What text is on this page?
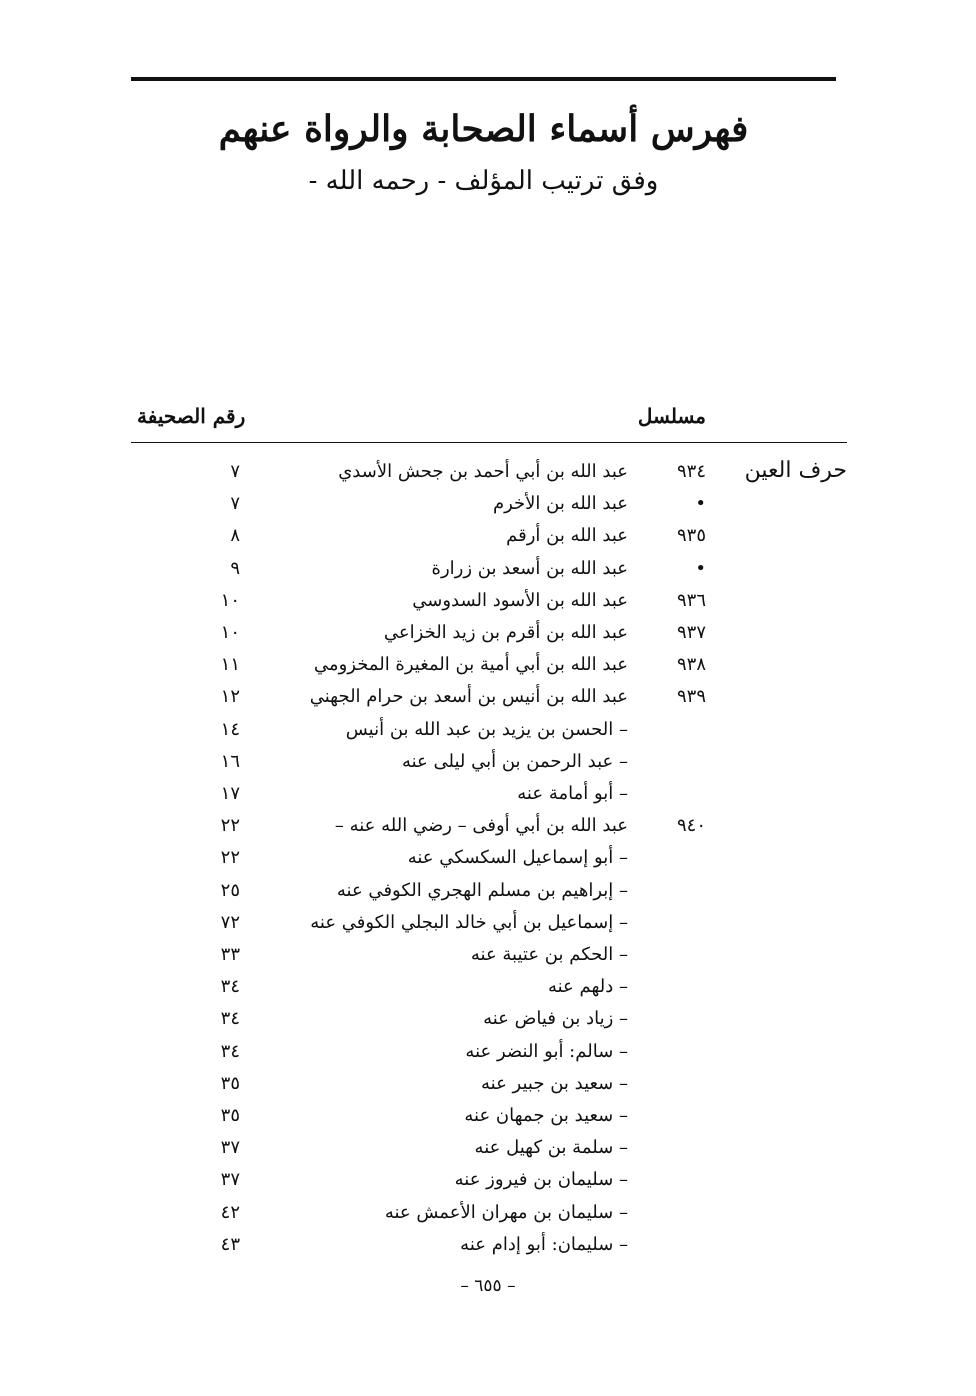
فهرس أسماء الصحابة والرواة عنهم
وفق ترتيب المؤلف - رحمه الله -
مسلسل
رقم الصحيفة
حرف العين
٩٣٤
عبد الله بن أبي أحمد بن جحش الأسدي
٧
•
عبد الله بن الأخرم
٧
٩٣٥
عبد الله بن أرقم
٨
•
عبد الله بن أسعد بن زرارة
٩
٩٣٦
عبد الله بن الأسود السدوسي
١٠
٩٣٧
عبد الله بن أقرم بن زيد الخزاعي
١٠
٩٣٨
عبد الله بن أبي أمية بن المغيرة المخزومي
١١
٩٣٩
عبد الله بن أنيس بن أسعد بن حرام الجهني
١٢
– الحسن بن يزيد بن عبد الله بن أنيس
١٤
– عبد الرحمن بن أبي ليلى عنه
١٦
– أبو أمامة عنه
١٧
٩٤٠
عبد الله بن أبي أوفى – رضي الله عنه –
٢٢
– أبو إسماعيل السكسكي عنه
٢٢
– إبراهيم بن مسلم الهجري الكوفي عنه
٢٥
– إسماعيل بن أبي خالد البجلي الكوفي عنه
٧٢
– الحكم بن عتيبة عنه
٣٣
– دلهم عنه
٣٤
– زياد بن فياض عنه
٣٤
– سالم: أبو النضر عنه
٣٤
– سعيد بن جبير عنه
٣٥
– سعيد بن جمهان عنه
٣٥
– سلمة بن كهيل عنه
٣٧
– سليمان بن فيروز عنه
٣٧
– سليمان بن مهران الأعمش عنه
٤٢
– سليمان: أبو إدام عنه
٤٣
– ٦٥٥ –
